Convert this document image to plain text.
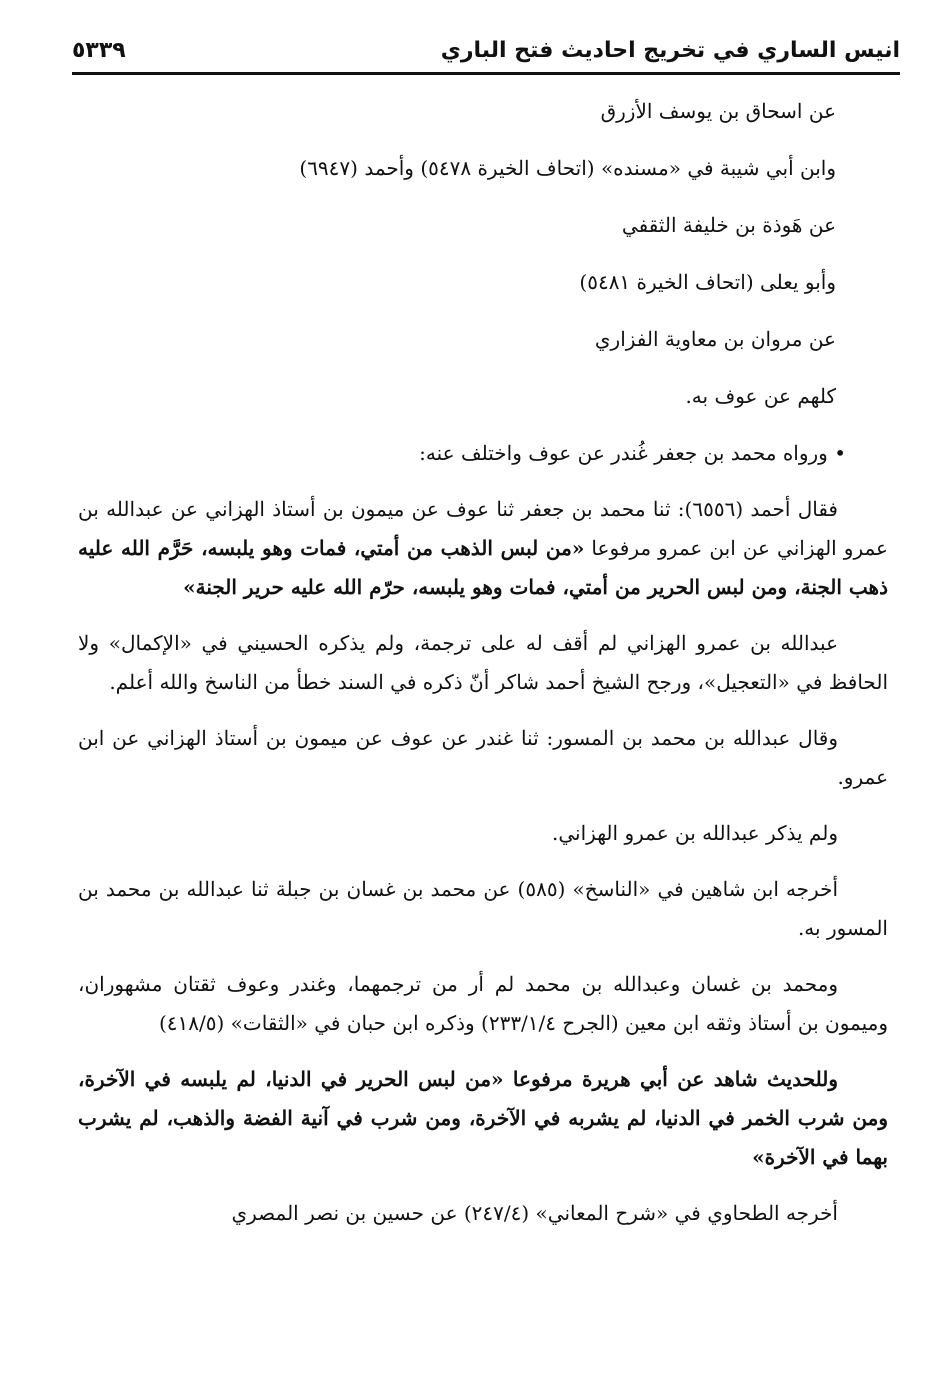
انيس الساري في تخريج احاديث فتح الباري
٥٣٣٩
عن اسحاق بن يوسف الأزرق
وابن أبي شيبة في «مسنده» (اتحاف الخيرة ٥٤٧٨) وأحمد (٦٩٤٧)
عن هَوذة بن خليفة الثقفي
وأبو يعلى (اتحاف الخيرة ٥٤٨١)
عن مروان بن معاوية الفزاري
كلهم عن عوف به.
• ورواه محمد بن جعفر غُندر عن عوف واختلف عنه:

فقال أحمد (٦٥٥٦): ثنا محمد بن جعفر ثنا عوف عن ميمون بن أستاذ الهزاني عن عبدالله بن عمرو الهزاني عن ابن عمرو مرفوعا «من لبس الذهب من أمتي، فمات وهو يلبسه، حَرَّم الله عليه ذهب الجنة، ومن لبس الحرير من أمتي، فمات وهو يلبسه، حرّم الله عليه حرير الجنة»

عبدالله بن عمرو الهزاني لم أقف له على ترجمة، ولم يذكره الحسيني في «الإكمال» ولا الحافظ في «التعجيل»، ورجح الشيخ أحمد شاكر أنّ ذكره في السند خطأ من الناسخ والله أعلم.

وقال عبدالله بن محمد بن المسور: ثنا غندر عن عوف عن ميمون بن أستاذ الهزاني عن ابن عمرو.

ولم يذكر عبدالله بن عمرو الهزاني.

أخرجه ابن شاهين في «الناسخ» (٥٨٥) عن محمد بن غسان بن جبلة ثنا عبدالله بن محمد بن المسور به.

ومحمد بن غسان وعبدالله بن محمد لم أر من ترجمهما، وغندر وعوف ثقتان مشهوران، وميمون بن أستاذ وثقه ابن معين (الجرح ٢٣٣/١/٤) وذكره ابن حبان في «الثقات» (٤١٨/٥)

وللحديث شاهد عن أبي هريرة مرفوعا «من لبس الحرير في الدنيا، لم يلبسه في الآخرة، ومن شرب الخمر في الدنيا، لم يشربه في الآخرة، ومن شرب في آنية الفضة والذهب، لم يشرب بهما في الآخرة»

أخرجه الطحاوي في «شرح المعاني» (٢٤٧/٤) عن حسين بن نصر المصري
